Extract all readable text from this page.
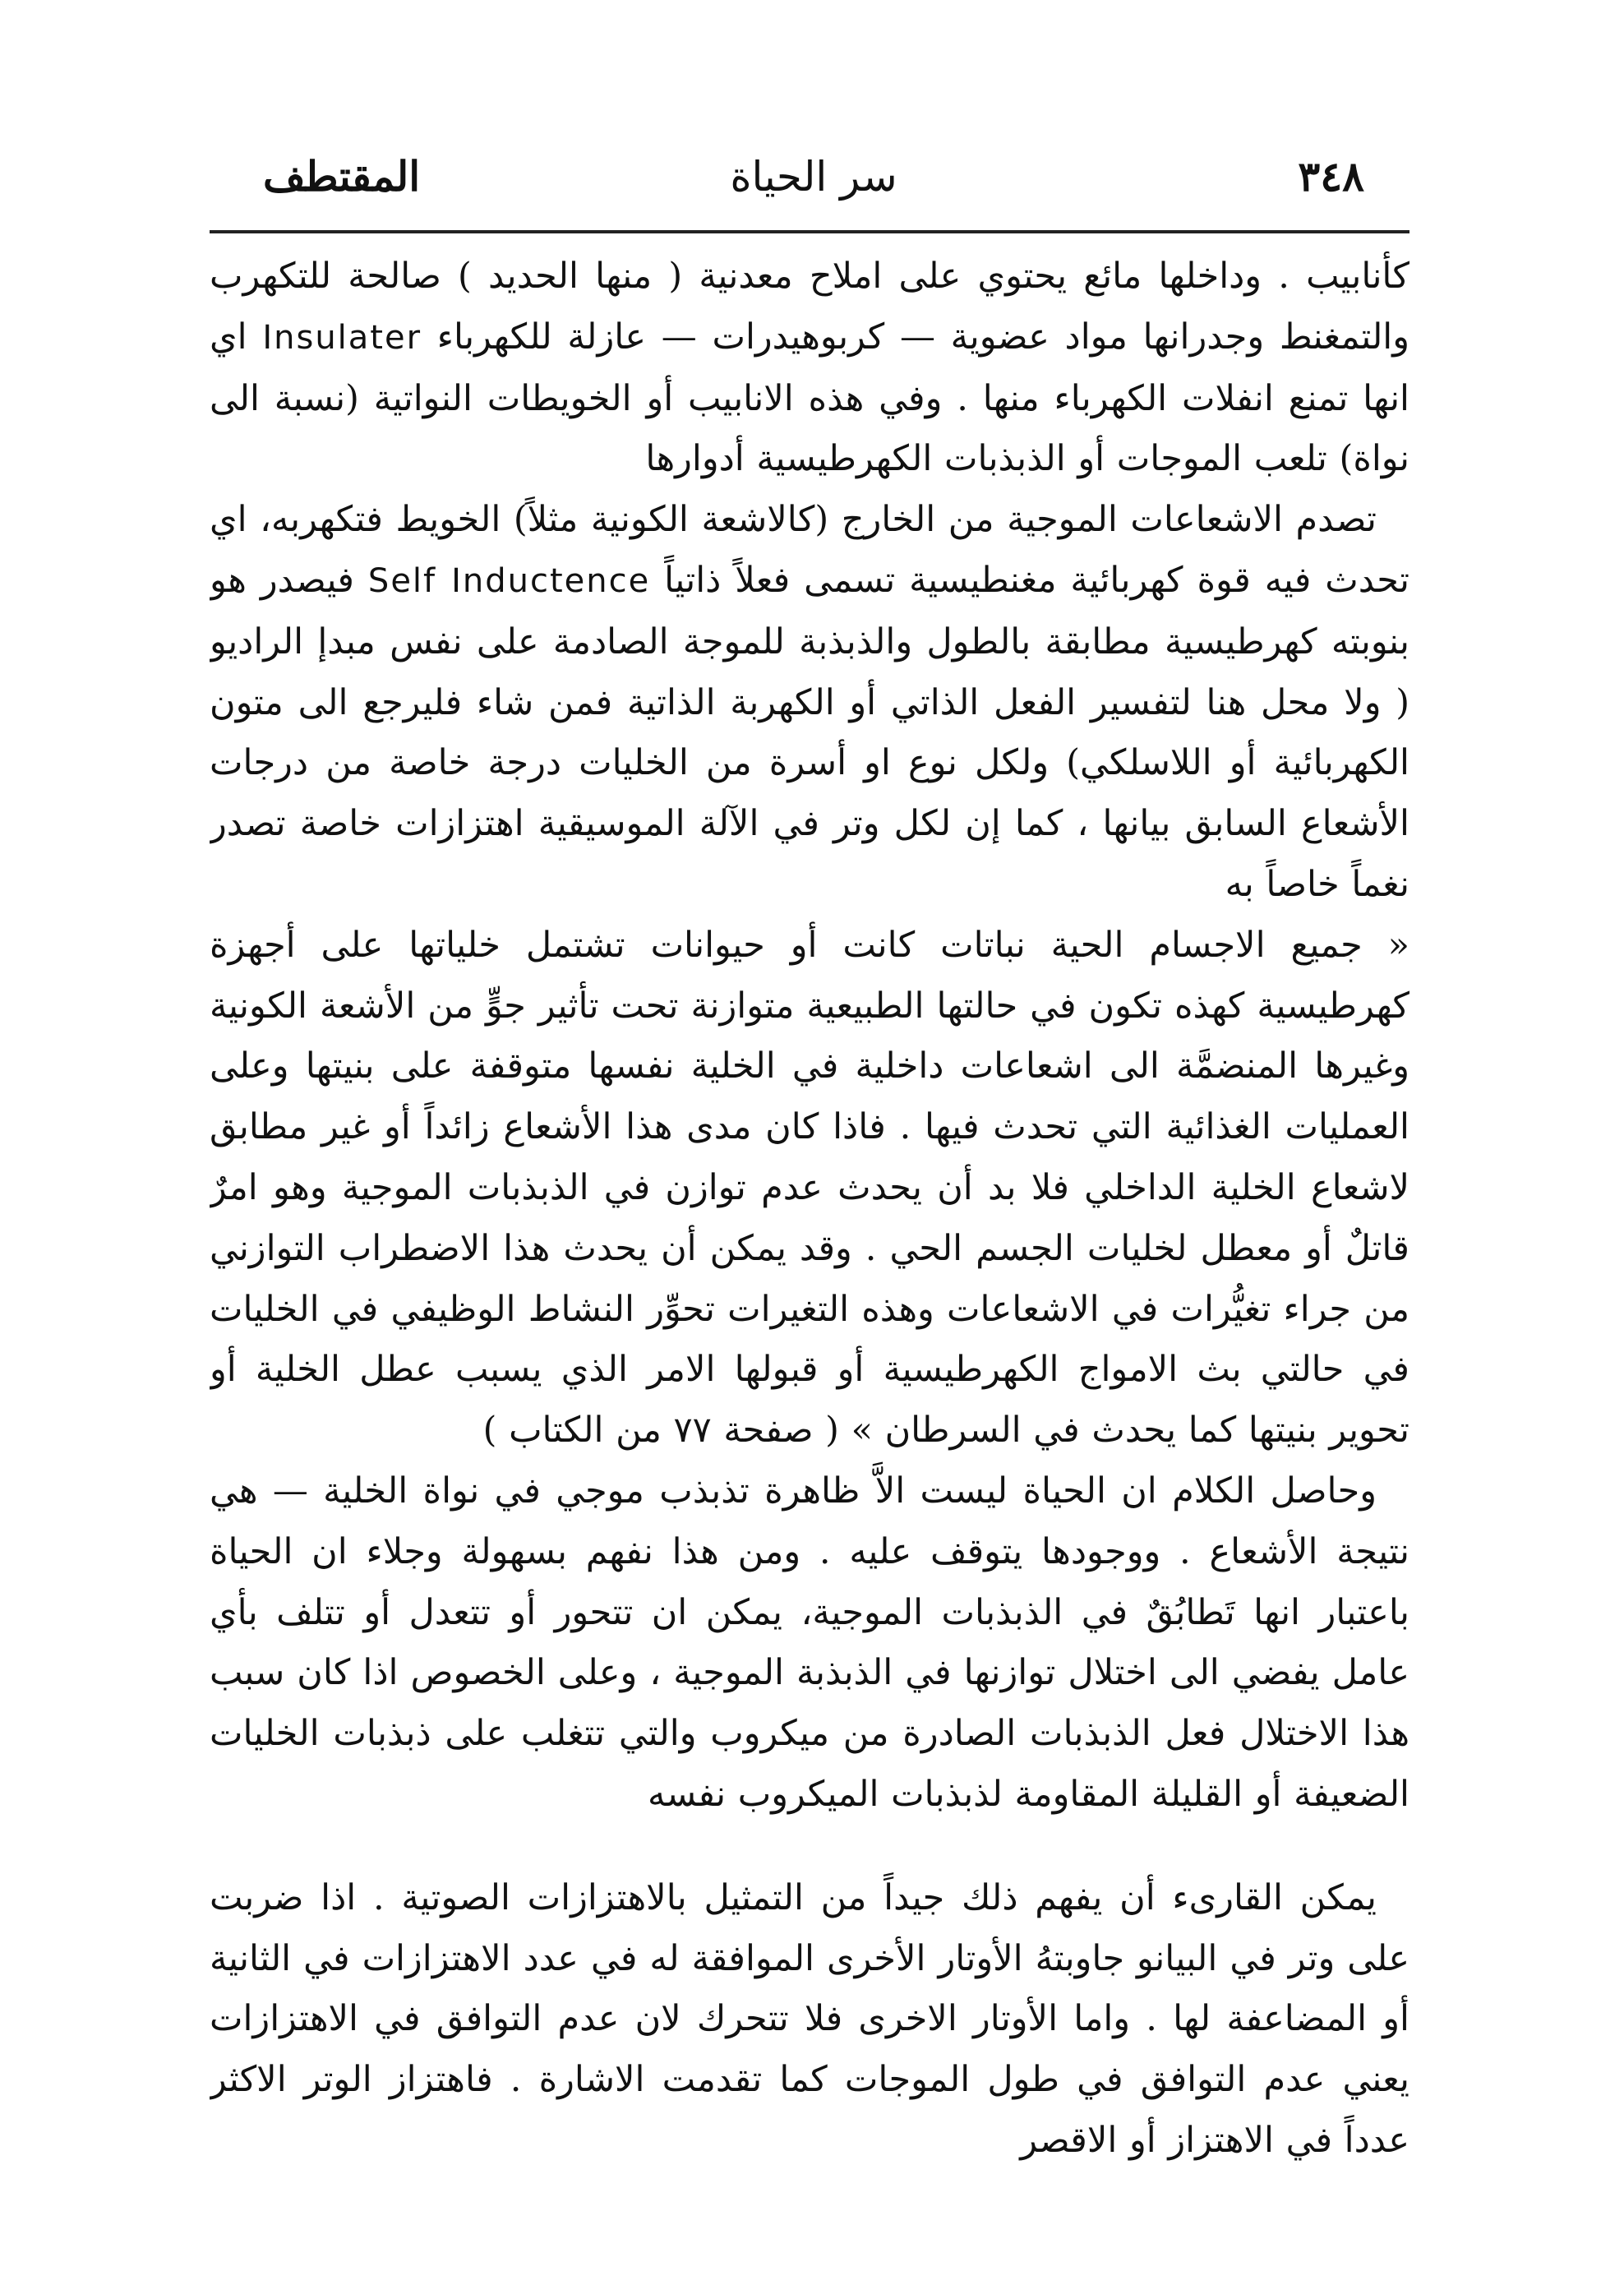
المقتطف	سر الحياة	٣٤٨

كأنابيب . وداخلها مائع يحتوي على املاح معدنية ( منها الحديد ) صالحة للتكهرب والتمغنط وجدرانها مواد عضوية — كربوهيدرات — عازلة للكهرباء Insulater اي انها تمنع انفلات الكهرباء منها . وفي هذه الانابيب أو الخويطات النواتية (نسبة الى نواة) تلعب الموجات أو الذبذبات الكهرطيسية أدوارها

تصدم الاشعاعات الموجية من الخارج (كالاشعة الكونية مثلاً) الخويط فتكهربه، اي تحدث فيه قوة كهربائية مغنطيسية تسمى فعلاً ذاتياً Self Inductence فيصدر هو بنوبته كهرطيسية مطابقة بالطول والذبذبة للموجة الصادمة على نفس مبدإ الراديو ( ولا محل هنا لتفسير الفعل الذاتي أو الكهربة الذاتية فمن شاء فليرجع الى متون الكهربائية أو اللاسلكي) ولكل نوع او أسرة من الخليات درجة خاصة من درجات الأشعاع السابق بيانها ، كما إن لكل وتر في الآلة الموسيقية اهتزازات خاصة تصدر نغماً خاصاً به

« جميع الاجسام الحية نباتات كانت أو حيوانات تشتمل خلياتها على أجهزة كهرطيسية كهذه تكون في حالتها الطبيعية متوازنة تحت تأثير جوٍّ من الأشعة الكونية وغيرها المنضمَّة الى اشعاعات داخلية في الخلية نفسها متوقفة على بنيتها وعلى العمليات الغذائية التي تحدث فيها . فاذا كان مدى هذا الأشعاع زائداً أو غير مطابق لاشعاع الخلية الداخلي فلا بد أن يحدث عدم توازن في الذبذبات الموجية وهو امرٌ قاتلٌ أو معطل لخليات الجسم الحي . وقد يمكن أن يحدث هذا الاضطراب التوازني من جراء تغيُّرات في الاشعاعات وهذه التغيرات تحوِّر النشاط الوظيفي في الخليات في حالتي بث الامواج الكهرطيسية أو قبولها الامر الذي يسبب عطل الخلية أو تحوير بنيتها كما يحدث في السرطان » ( صفحة ٧٧ من الكتاب )

وحاصل الكلام ان الحياة ليست الاَّ ظاهرة تذبذب موجي في نواة الخلية — هي نتيجة الأشعاع . ووجودها يتوقف عليه . ومن هذا نفهم بسهولة وجلاء ان الحياة باعتبار انها تَطابُقٌ في الذبذبات الموجية، يمكن ان تتحور أو تتعدل أو تتلف بأي عامل يفضي الى اختلال توازنها في الذبذبة الموجية ، وعلى الخصوص اذا كان سبب هذا الاختلال فعل الذبذبات الصادرة من ميكروب والتي تتغلب على ذبذبات الخليات الضعيفة أو القليلة المقاومة لذبذبات الميكروب نفسه

يمكن القارىء أن يفهم ذلك جيداً من التمثيل بالاهتزازات الصوتية . اذا ضربت على وتر في البيانو جاوبتهُ الأوتار الأخرى الموافقة له في عدد الاهتزازات في الثانية أو المضاعفة لها . واما الأوتار الاخرى فلا تتحرك لان عدم التوافق في الاهتزازات يعني عدم التوافق في طول الموجات كما تقدمت الاشارة . فاهتزاز الوتر الاكثر عدداً في الاهتزاز أو الاقصر
